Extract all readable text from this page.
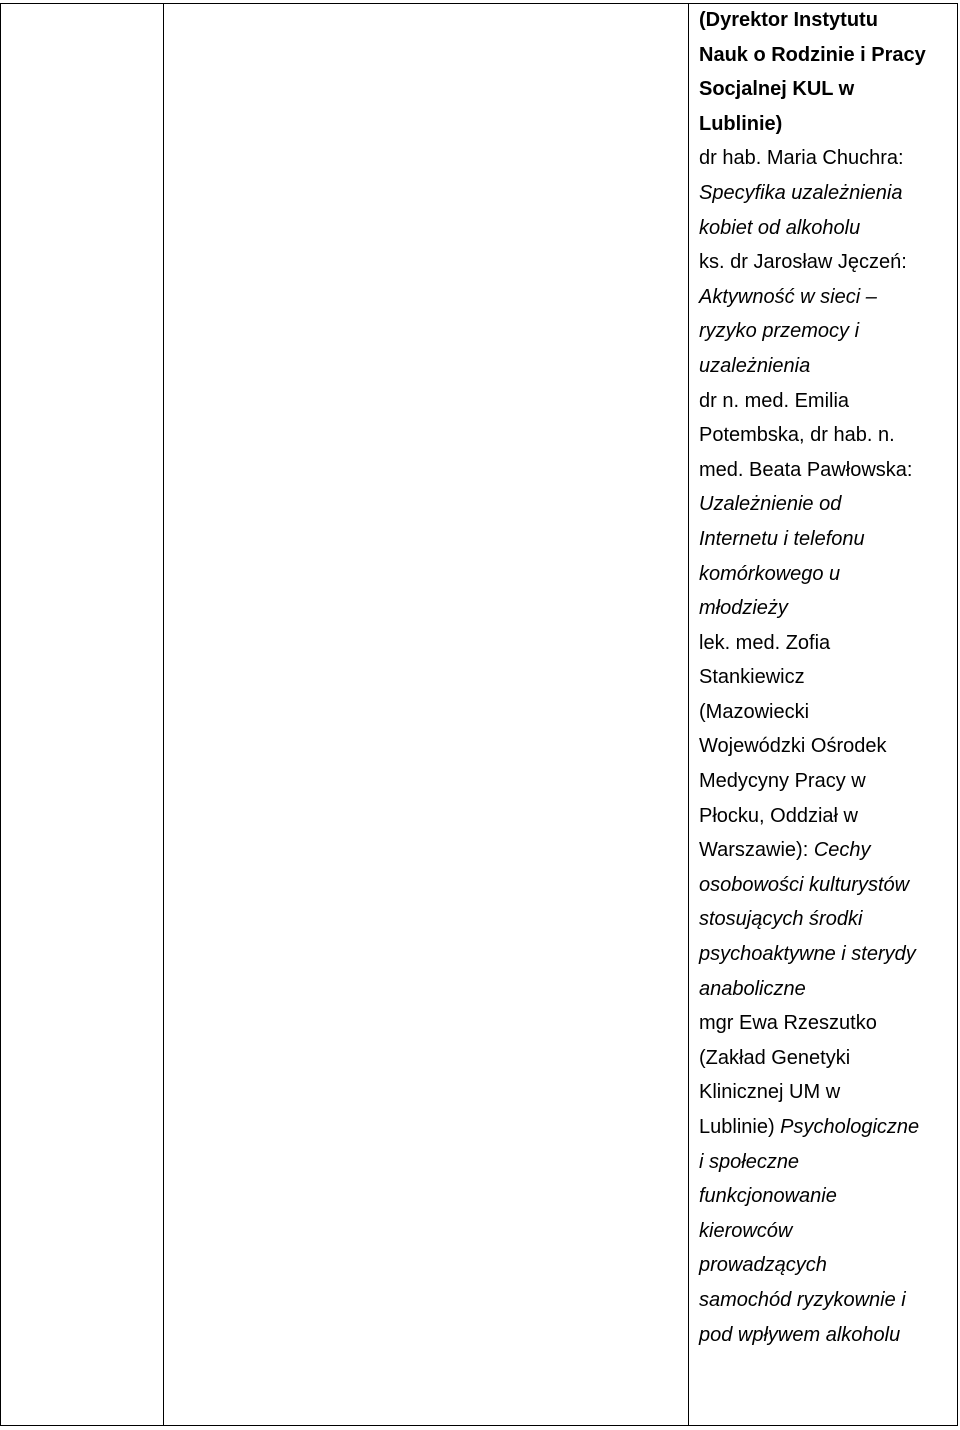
(Dyrektor Instytutu
Nauk o Rodzinie i Pracy
Socjalnej KUL w
Lublinie)
dr hab. Maria Chuchra:
Specyfika uzależnienia
kobiet od alkoholu
ks. dr Jarosław Jęczeń:
Aktywność w sieci –
ryzyko przemocy i
uzależnienia
dr n. med. Emilia
Potembska, dr hab. n.
med. Beata Pawłowska:
Uzależnienie od
Internetu i telefonu
komórkowego u
młodzieży
lek. med. Zofia
Stankiewicz
(Mazowiecki
Wojewódzki Ośrodek
Medycyny Pracy w
Płocku, Oddział w
Warszawie): Cechy
osobowości kulturystów
stosujących środki
psychoaktywne i sterydy
anaboliczne
mgr Ewa Rzeszutko
(Zakład Genetyki
Klinicznej UM w
Lublinie) Psychologiczne
i społeczne
funkcjonowanie
kierowców
prowadzących
samochód ryzykownie i
pod wpływem alkoholu
